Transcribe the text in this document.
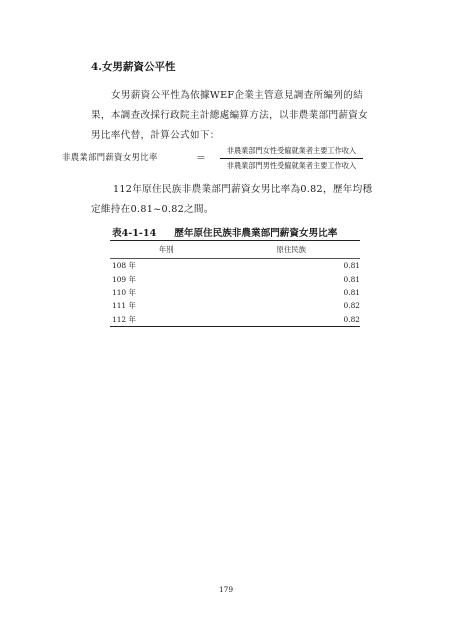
4.女男薪資公平性
女男薪資公平性為依據WEF企業主管意見調查所編列的結果，本調查改採行政院主計總處編算方法，以非農業部門薪資女男比率代替，計算公式如下：
非農業部門薪資女男比率	＝
非農業部門女性受僱就業者主要工作收入
非農業部門男性受僱就業者主要工作收入
112年原住民族非農業部門薪資女男比率為0.82，歷年均穩定維持在0.81~0.82之間。
表4-1-14 歷年原住民族非農業部門薪資女男比率
年別	原住民族
108 年	0.81
109 年	0.81
110 年	0.81
111 年	0.82
112 年	0.82
179
